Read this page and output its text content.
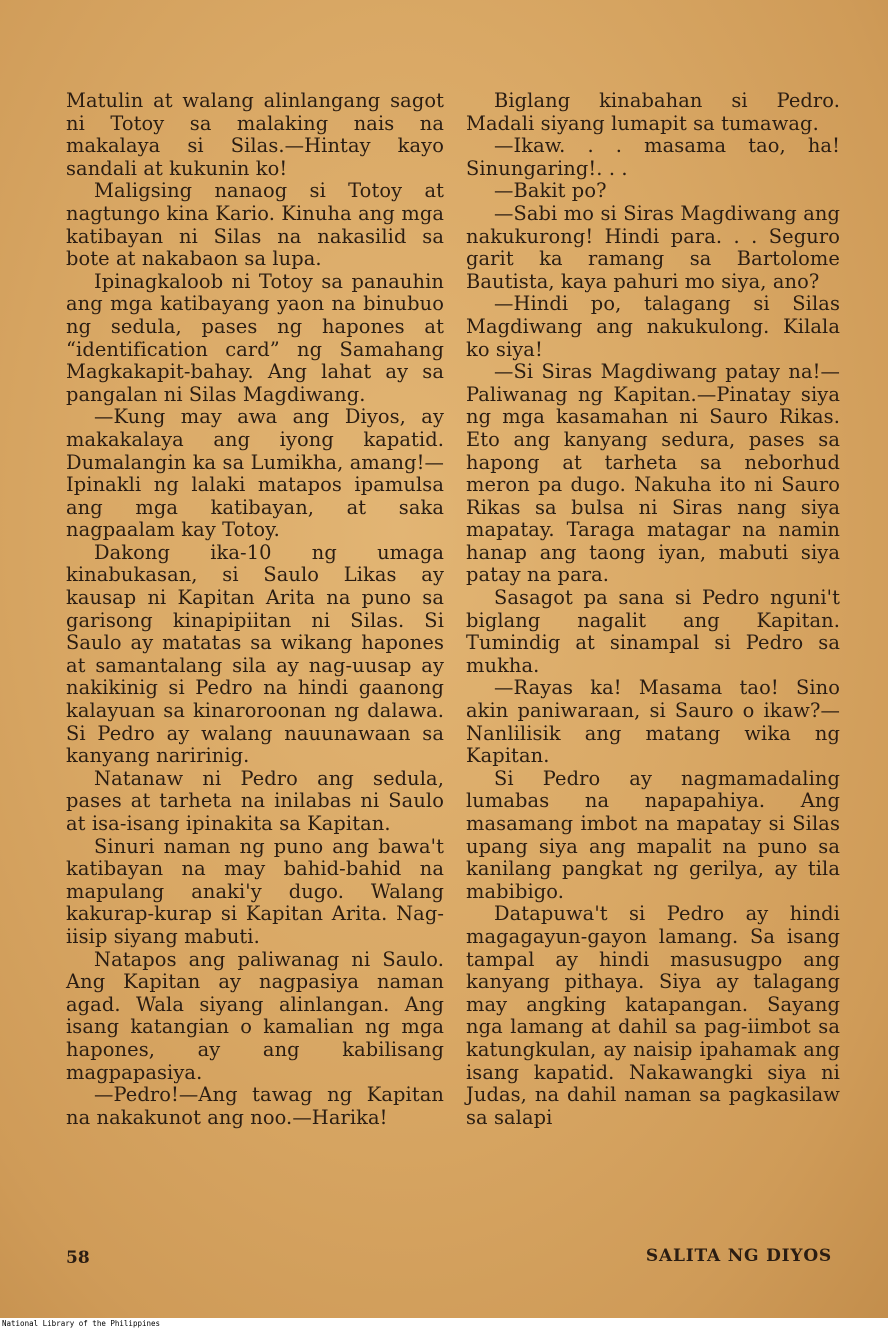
Matulin at walang alinlangang sagot ni Totoy sa malaking nais na makalaya si Silas.—Hintay kayo sandali at kukunin ko!

Maligsing nanaog si Totoy at nagtungo kina Kario. Kinuha ang mga katibayan ni Silas na nakasilid sa bote at nakabaon sa lupa.

Ipinagkaloob ni Totoy sa panauhin ang mga katibayang yaon na binubuo ng sedula, pases ng hapones at “identification card” ng Samahang Magkakapit-bahay. Ang lahat ay sa pangalan ni Silas Magdiwang.

—Kung may awa ang Diyos, ay makakalaya ang iyong kapatid. Dumalangin ka sa Lumikha, amang!—Ipinakli ng lalaki matapos ipamulsa ang mga katibayan, at saka nagpaalam kay Totoy.

Dakong ika-10 ng umaga kinabukasan, si Saulo Likas ay kausap ni Kapitan Arita na puno sa garisong kinapipiitan ni Silas. Si Saulo ay matatas sa wikang hapones at samantalang sila ay nag-uusap ay nakikinig si Pedro na hindi gaanong kalayuan sa kinaroroonan ng dalawa. Si Pedro ay walang nauunawaan sa kanyang naririnig.

Natanaw ni Pedro ang sedula, pases at tarheta na inilabas ni Saulo at isa-isang ipinakita sa Kapitan.

Sinuri naman ng puno ang bawa't katibayan na may bahid-bahid na mapulang anaki'y dugo. Walang kakurap-kurap si Kapitan Arita. Nag-iisip siyang mabuti.

Natapos ang paliwanag ni Saulo. Ang Kapitan ay nagpasiya naman agad. Wala siyang alinlangan. Ang isang katangian o kamalian ng mga hapones, ay ang kabilisang magpapasiya.

—Pedro!—Ang tawag ng Kapitan na nakakunot ang noo.—Harika!

Biglang kinabahan si Pedro. Madali siyang lumapit sa tumawag.

—Ikaw. . . masama tao, ha! Sinungaring!. . .

—Bakit po?

—Sabi mo si Siras Magdiwang ang nakukurong! Hindi para. . . Seguro garit ka ramang sa Bartolome Bautista, kaya pahuri mo siya, ano?

—Hindi po, talagang si Silas Magdiwang ang nakukulong. Kilala ko siya!

—Si Siras Magdiwang patay na!—Paliwanag ng Kapitan.—Pinatay siya ng mga kasamahan ni Sauro Rikas. Eto ang kanyang sedura, pases sa hapong at tarheta sa neborhud meron pa dugo. Nakuha ito ni Sauro Rikas sa bulsa ni Siras nang siya mapatay. Taraga matagar na namin hanap ang taong iyan, mabuti siya patay na para.

Sasagot pa sana si Pedro nguni't biglang nagalit ang Kapitan. Tumindig at sinampal si Pedro sa mukha.

—Rayas ka! Masama tao! Sino akin paniwaraan, si Sauro o ikaw?—Nanlilisik ang matang wika ng Kapitan.

Si Pedro ay nagmamadaling lumabas na napapahiya. Ang masamang imbot na mapatay si Silas upang siya ang mapalit na puno sa kanilang pangkat ng gerilya, ay tila mabibigo.

Datapuwa't si Pedro ay hindi magagayun-gayon lamang. Sa isang tampal ay hindi masusugpo ang kanyang pithaya. Siya ay talagang may angking katapangan. Sayang nga lamang at dahil sa pag-iimbot sa katungkulan, ay naisip ipahamak ang isang kapatid. Nakawangki siya ni Judas, na dahil naman sa pagkasilaw sa salapi

58	SALITA NG DIYOS
National Library of the Philippines
